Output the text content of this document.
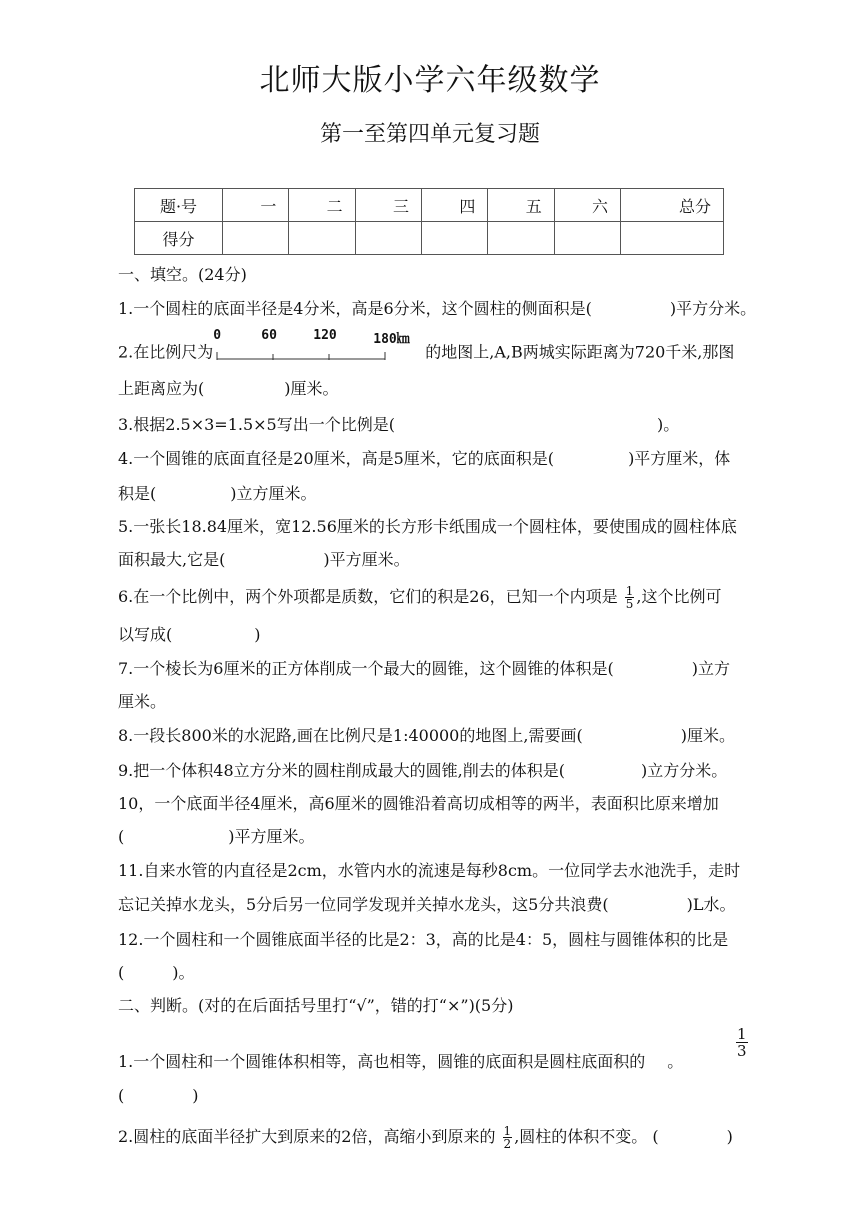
北师大版小学六年级数学
第一至第四单元复习题
题·号	一	二	三	四	五	六	总分
得分							
一、填空。(24分)
1.一个圆柱的底面半径是4分米，高是6分米，这个圆柱的侧面积是(	)平方分米。
2.在比例尺为
0	60	120	180㎞
的地图上,A,B两城实际距离为720千米,那图
上距离应为(	)厘米。
3.根据2.5×3=1.5×5写出一个比例是(	)。
4.一个圆锥的底面直径是20厘米，高是5厘米，它的底面积是(	)平方厘米，体
积是(	)立方厘米。
5.一张长18.84厘米，宽12.56厘米的长方形卡纸围成一个圆柱体，要使围成的圆柱体底
面积最大,它是(	)平方厘米。
6.在一个比例中，两个外项都是质数，它们的积是26，已知一个内项是 $\frac{1}{5}$ ,这个比例可
以写成(	)
7.一个棱长为6厘米的正方体削成一个最大的圆锥，这个圆锥的体积是(	)立方
厘米。
8.一段长800米的水泥路,画在比例尺是1:40000的地图上,需要画(	)厘米。
9.把一个体积48立方分米的圆柱削成最大的圆锥,削去的体积是(	)立方分米。
10，一个底面半径4厘米，高6厘米的圆锥沿着高切成相等的两半，表面积比原来增加
(	)平方厘米。
11.自来水管的内直径是2cm，水管内水的流速是每秒8cm。一位同学去水池洗手，走时
忘记关掉水龙头，5分后另一位同学发现并关掉水龙头，这5分共浪费(	)L水。
12.一个圆柱和一个圆锥底面半径的比是2：3，高的比是4：5，圆柱与圆锥体积的比是
(	)。
二、判断。(对的在后面括号里打“√”，错的打“×”)(5分)
$\frac{1}{3}$
1.一个圆柱和一个圆锥体积相等，高也相等，圆锥的底面积是圆柱底面积的 。
(	)
2.圆柱的底面半径扩大到原来的2倍，高缩小到原来的 $\frac{1}{2}$ ,圆柱的体积不变。 (	)
